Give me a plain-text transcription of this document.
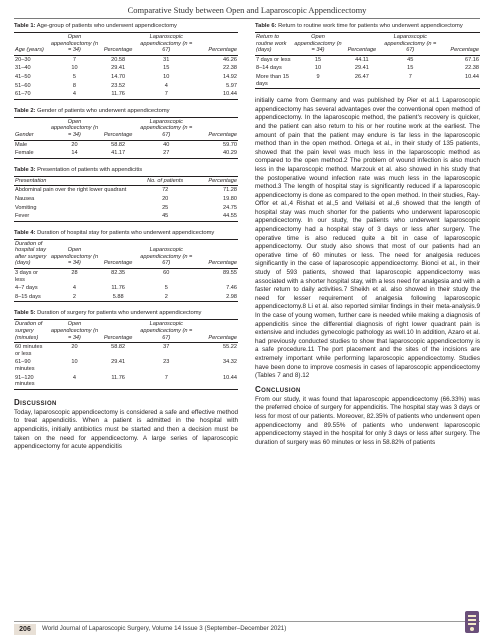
Comparative Study between Open and Laparoscopic Appendicectomy

Table 1: Age-group of patients who underwent appendicectomy

Age (years)	Open appendicectomy (n = 34)	Percentage	Laparoscopic appendicectomy (n = 67)	Percentage
20–30	7	20.58	31	46.26
31–40	10	29.41	15	22.38
41–50	5	14.70	10	14.92
51–60	8	23.52	4	5.97
61–70	4	11.76	7	10.44

Table 2: Gender of patients who underwent appendicectomy

Gender	Open appendicectomy (n = 34)	Percentage	Laparoscopic appendicectomy (n = 67)	Percentage
Male	20	58.82	40	59.70
Female	14	41.17	27	40.29

Table 3: Presentation of patients with appendicitis

Presentation	No. of patients	Percentage
Abdominal pain over the right lower quadrant	72	71.28
Nausea	20	19.80
Vomiting	25	24.75
Fever	45	44.55

Table 4: Duration of hospital stay for patients who underwent appendicectomy

Duration of hospital stay after surgery (days)	Open appendicectomy (n = 34)	Percentage	Laparoscopic appendicectomy (n = 67)	Percentage
3 days or less	28	82.35	60	89.55
4–7 days	4	11.76	5	7.46
8–15 days	2	5.88	2	2.98

Table 5: Duration of surgery for patients who underwent appendicectomy

Duration of surgery (minutes)	Open appendicectomy (n = 34)	Percentage	Laparoscopic appendicectomy (n = 67)	Percentage
60 minutes or less	20	58.82	37	55.22
61–90 minutes	10	29.41	23	34.32
91–120 minutes	4	11.76	7	10.44
Discussion

Today, laparoscopic appendicectomy is considered a safe and effective method to treat appendicitis. When a patient is admitted in the hospital with appendicitis, initially antibiotics must be started and then a decision must be taken on the need for appendicectomy. A large series of laparoscopic appendicectomy for acute appendicitis

Table 6: Return to routine work time for patients who underwent appendicectomy

Return to routine work (days)	Open appendicectomy (n = 34)	Percentage	Laparoscopic appendicectomy (n = 67)	Percentage
7 days or less	15	44.11	45	67.16
8–14 days	10	29.41	15	22.38
More than 15 days	9	26.47	7	10.44

initially came from Germany and was published by Pier et al.1 Laparoscopic appendicectomy has several advantages over the conventional open method of appendicectomy. In the laparoscopic method, the patient's recovery is quicker, and the patient can also return to his or her routine work at the earliest. The amount of pain that the patient may endure is far less in the laparoscopic method than in the open method. Ortega et al., in their study of 135 patients, showed that the pain level was much less in the laparoscopic method as compared to the open method.2 The problem of wound infection is also much less in the laparoscopic method. Marzouk et al. also showed in his study that the postoperative wound infection rate was much less in the laparoscopic method.3 The length of hospital stay is significantly reduced if a laparoscopic appendicectomy is done as compared to the open method. In their studies, Ray-Offor et al.,4 Rishat et al.,5 and Vellaisi et al.,6 showed that the length of hospital stay was much shorter for the patients who underwent laparoscopic appendicectomy. In our study, the patients who underwent laparoscopic appendicectomy had a hospital stay of 3 days or less after surgery. The operative time is also reduced quite a bit in case of laparoscopic appendicectomy. Our study also shows that most of our patients had an operative time of 60 minutes or less. The need for analgesia reduces significantly in the case of laparoscopic appendicectomy. Bionci et al., in their study of 593 patients, showed that laparoscopic appendicectomy was associated with a shorter hospital stay, with a less need for analgesia and with a faster return to daily activities.7 Sheikh et al. also showed in their study the need for lesser requirement of analgesia following laparoscopic appendicectomy.8 Li et al. also reported similar findings in their meta-analysis.9 In the case of young women, further care is needed while making a diagnosis of appendicitis since the differential diagnosis of right lower quadrant pain is extensive and includes gynecologic pathology as well.10 In addition, Azaro et al. had previously conducted studies to show that laparoscopic appendicectomy is a safe procedure.11 The port placement and the sites of the incisions are extremely important while performing laparoscopic appendicectomy. Studies have been done to improve cosmesis in cases of laparoscopic appendicectomy (Tables 7 and 8).12

Conclusion

From our study, it was found that laparoscopic appendicectomy (66.33%) was the preferred choice of surgery for appendicitis. The hospital stay was 3 days or less for most of our patients. Moreover, 82.35% of patients who underwent open appendicectomy and 89.55% of patients who underwent laparoscopic appendicectomy stayed in the hospital for only 3 days or less after surgery. The duration of surgery was 60 minutes or less in 58.82% of patients

206	World Journal of Laparoscopic Surgery, Volume 14 Issue 3 (September–December 2021)
